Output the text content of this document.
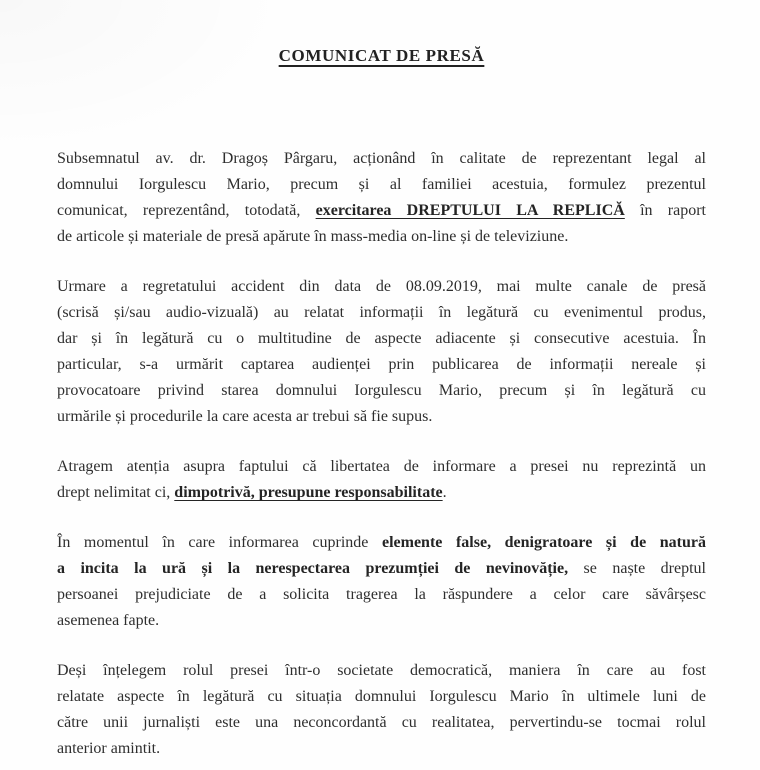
COMUNICAT DE PRESĂ
Subsemnatul av. dr. Dragoș Pârgaru, acționând în calitate de reprezentant legal al
domnului Iorgulescu Mario, precum și al familiei acestuia, formulez prezentul
comunicat, reprezentând, totodată, exercitarea DREPTULUI LA REPLICĂ în raport
de articole și materiale de presă apărute în mass-media on-line și de televiziune.
Urmare a regretatului accident din data de 08.09.2019, mai multe canale de presă
(scrisă și/sau audio-vizuală) au relatat informații în legătură cu evenimentul produs,
dar și în legătură cu o multitudine de aspecte adiacente și consecutive acestuia. În
particular, s-a urmărit captarea audienței prin publicarea de informații nereale și
provocatoare privind starea domnului Iorgulescu Mario, precum și în legătură cu
urmările și procedurile la care acesta ar trebui să fie supus.
Atragem atenția asupra faptului că libertatea de informare a presei nu reprezintă un
drept nelimitat ci, dimpotrivă, presupune responsabilitate.
În momentul în care informarea cuprinde elemente false, denigratoare și de natură
a incita la ură și la nerespectarea prezumției de nevinovăție, se naște dreptul
persoanei prejudiciate de a solicita tragerea la răspundere a celor care săvârșesc
asemenea fapte.
Deși înțelegem rolul presei într-o societate democratică, maniera în care au fost
relatate aspecte în legătură cu situația domnului Iorgulescu Mario în ultimele luni de
către unii jurnaliști este una neconcordantă cu realitatea, pervertindu-se tocmai rolul
anterior amintit.
